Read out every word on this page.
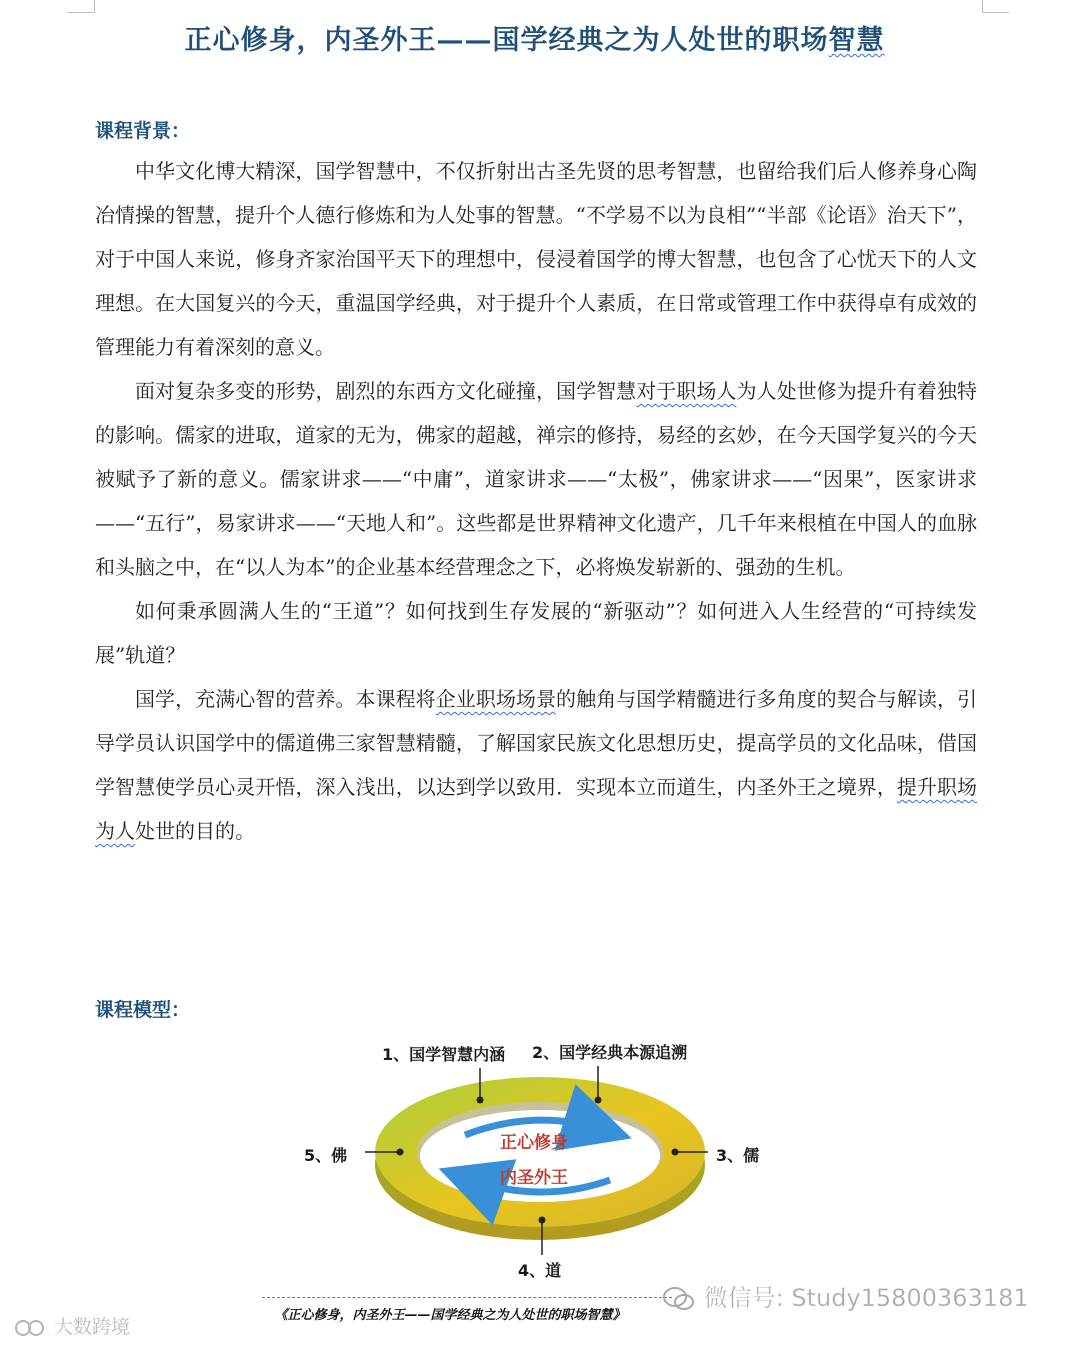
正心修身，内圣外王——国学经典之为人处世的职场智慧
课程背景：

中华文化博大精深，国学智慧中，不仅折射出古圣先贤的思考智慧，也留给我们后人修养身心陶冶情操的智慧，提升个人德行修炼和为人处事的智慧。“不学易不以为良相”“半部《论语》治天下”，对于中国人来说，修身齐家治国平天下的理想中，侵浸着国学的博大智慧，也包含了心忧天下的人文理想。在大国复兴的今天，重温国学经典，对于提升个人素质，在日常或管理工作中获得卓有成效的管理能力有着深刻的意义。

面对复杂多变的形势，剧烈的东西方文化碰撞，国学智慧对于职场人为人处世修为提升有着独特的影响。儒家的进取，道家的无为，佛家的超越，禅宗的修持，易经的玄妙，在今天国学复兴的今天被赋予了新的意义。儒家讲求——“中庸”，道家讲求——“太极”，佛家讲求——“因果”，医家讲求——“五行”，易家讲求——“天地人和”。这些都是世界精神文化遗产，几千年来根植在中国人的血脉和头脑之中，在“以人为本”的企业基本经营理念之下，必将焕发崭新的、强劲的生机。

如何秉承圆满人生的“王道”？如何找到生存发展的“新驱动”？如何进入人生经营的“可持续发展”轨道？

国学，充满心智的营养。本课程将企业职场场景的触角与国学精髓进行多角度的契合与解读，引导学员认识国学中的儒道佛三家智慧精髓，了解国家民族文化思想历史，提高学员的文化品味，借国学智慧使学员心灵开悟，深入浅出，以达到学以致用．实现本立而道生，内圣外王之境界，提升职场为人处世的目的。

课程模型：
正心修身
内圣外王
1、国学智慧内涵 2、国学经典本源追溯
3、儒
4、道
5、佛
《正心修身，内圣外王——国学经典之为人处世的职场智慧》
微信号: Study15800363181
大数跨境
